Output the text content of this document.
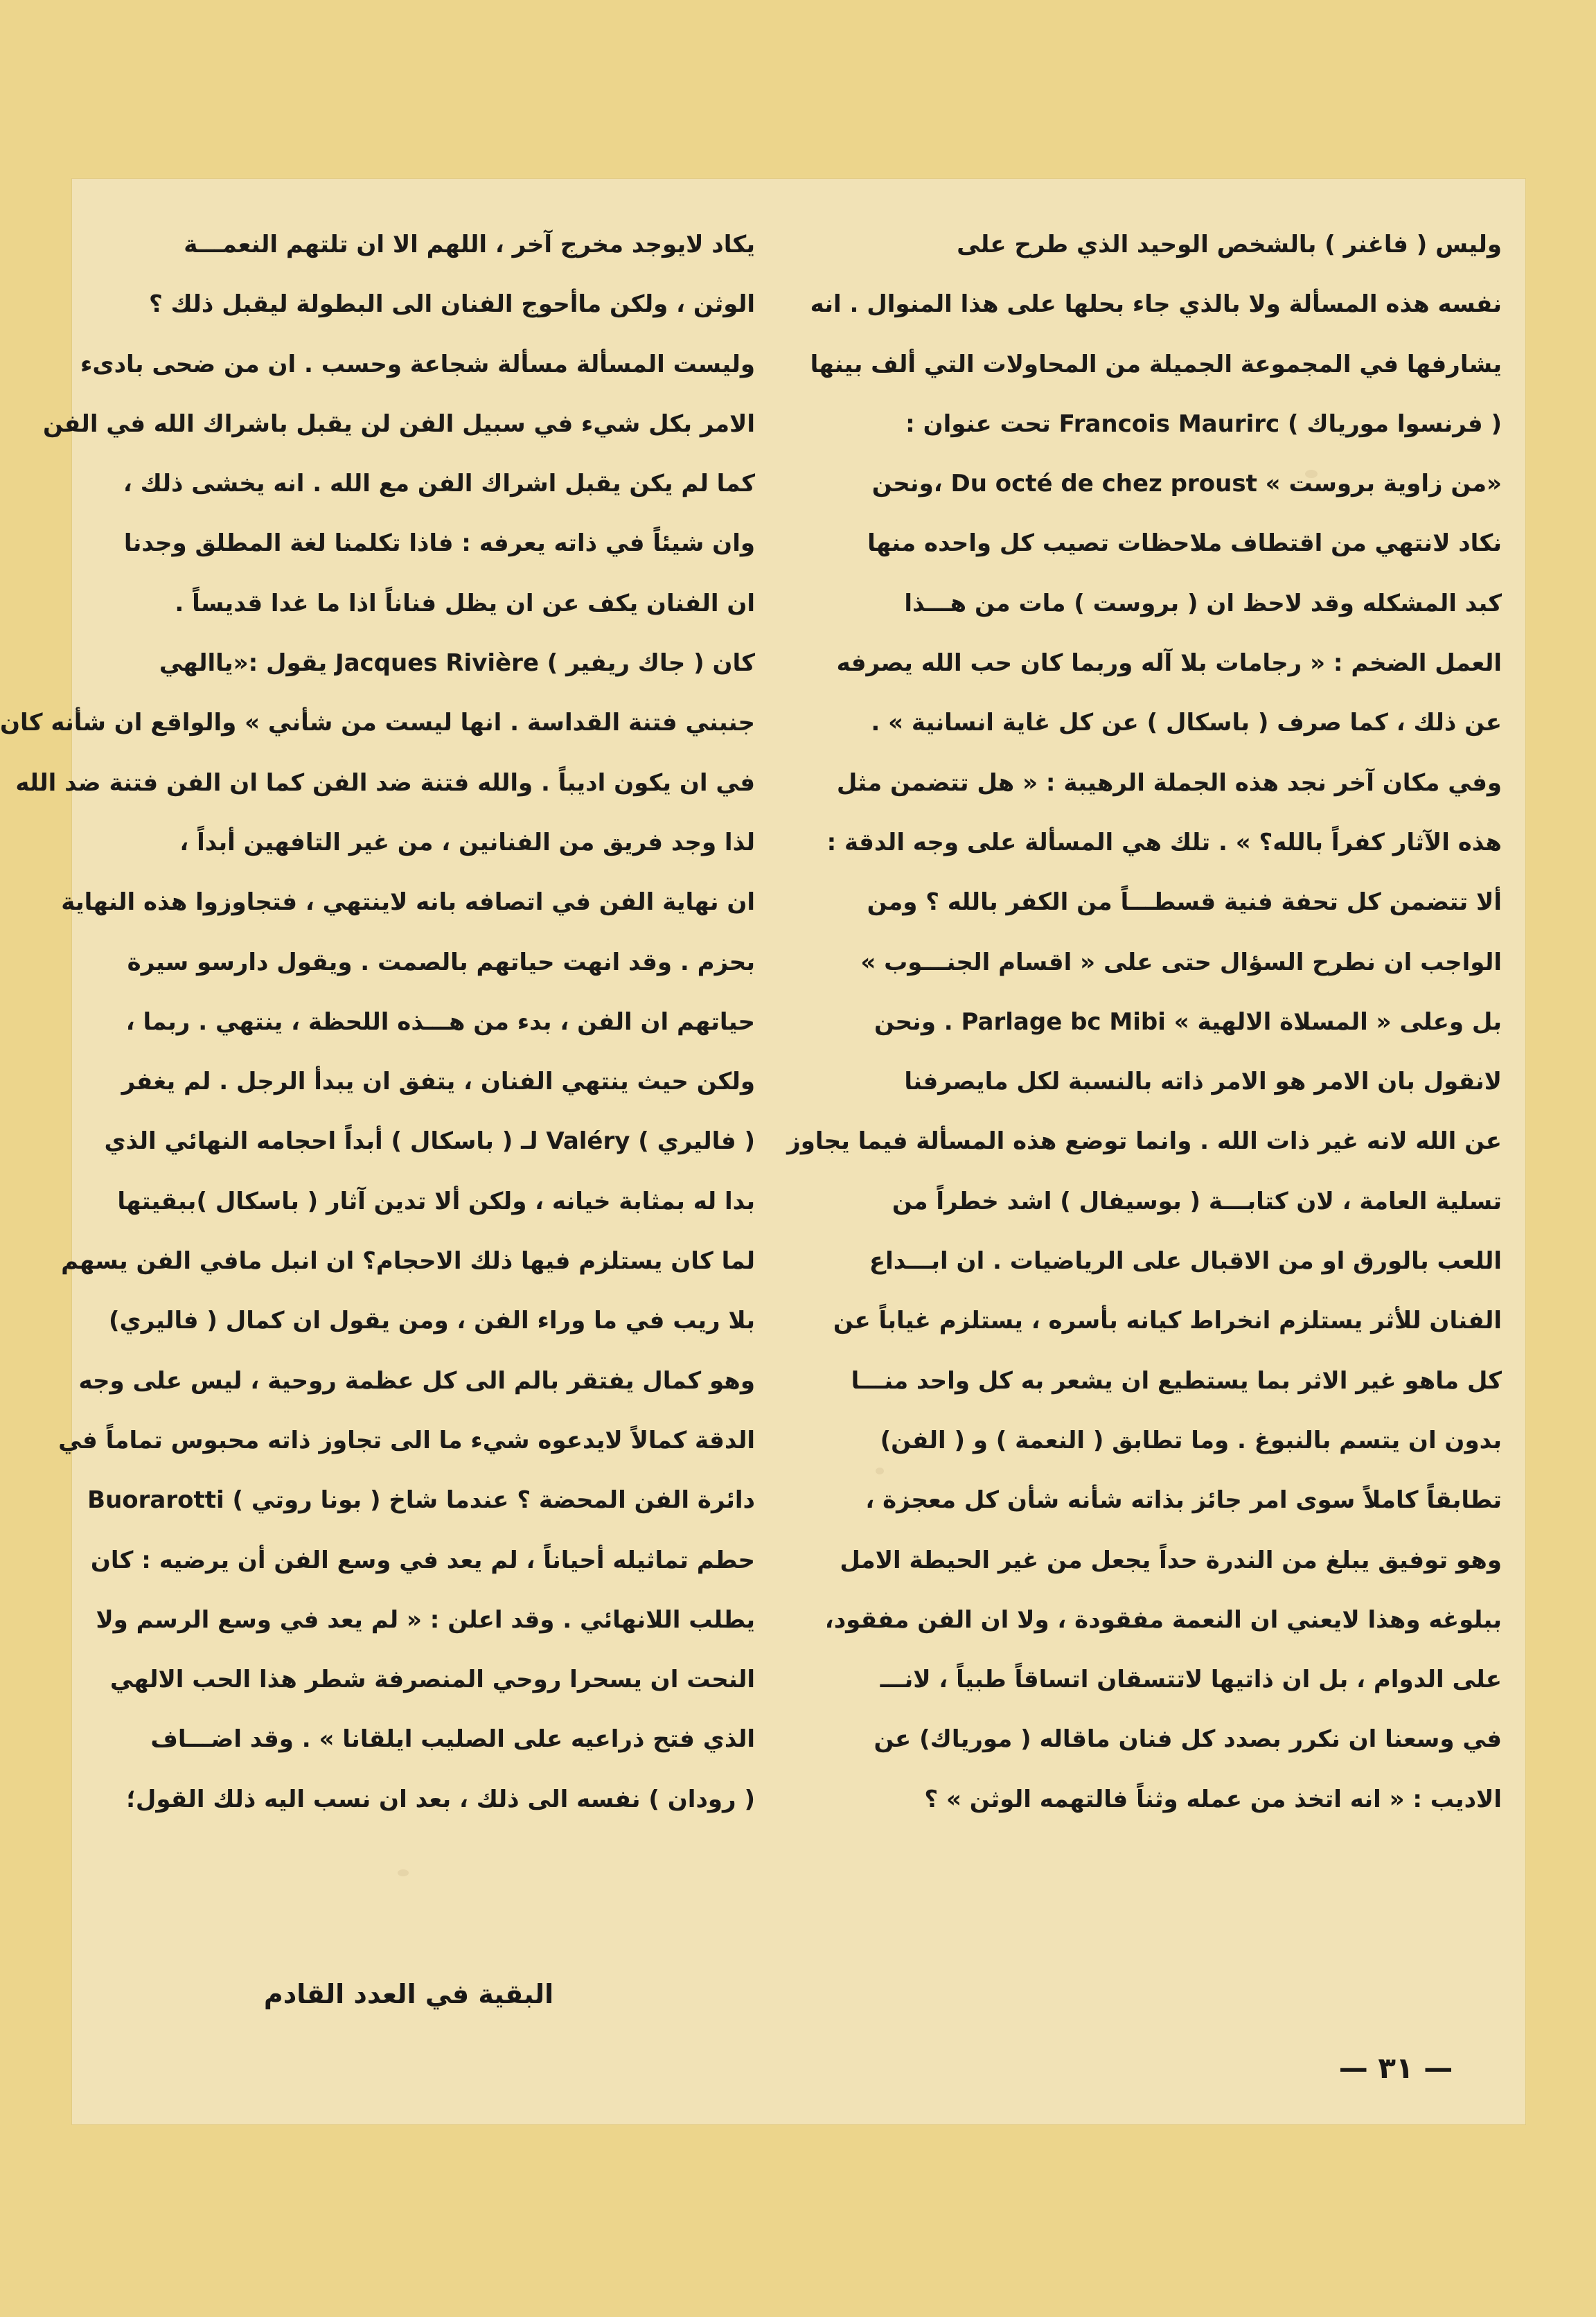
وليس ( فاغنر ) بالشخص الوحيد الذي طرح على
نفسه هذه المسألة ولا بالذي جاء بحلها على هذا المنوال . انه
يشارفها في المجموعة الجميلة من المحاولات التي ألف بينها
( فرنسوا موریاك ) Francois Maurirc تحت عنوان :
«من زاوية بروست » Du octé de chez proust ،ونحن
نكاد لانتهي من اقتطاف ملاحظات تصيب كل واحده منها
كبد المشكله وقد لاحظ ان ( بروست ) مات من هـــذا
العمل الضخم : « رجامات بلا آله وربما كان حب الله يصرفه
عن ذلك ، كما صرف ( باسكال ) عن كل غاية انسانية » .
وفي مكان آخر نجد هذه الجملة الرهيبة : « هل تتضمن مثل
هذه الآثار كفراً بالله؟ » . تلك هي المسألة على وجه الدقة :
ألا تتضمن كل تحفة فنية قسطـــاً من الكفر بالله ؟ ومن
الواجب ان نطرح السؤال حتى على « اقسام الجنـــوب »
بل وعلى « المسلاة الالهية » Parlage bc Mibi . ونحن
لانقول بان الامر هو الامر ذاته بالنسبة لكل مايصرفنا
عن الله لانه غير ذات الله . وانما توضع هذه المسألة فيما يجاوز
تسلية العامة ، لان كتابـــة ( بوسيفال ) اشد خطراً من
اللعب بالورق او من الاقبال على الرياضيات . ان ابـــداع
الفنان للأثر يستلزم انخراط كيانه بأسره ، يستلزم غياباً عن
كل ماهو غير الاثر بما يستطيع ان يشعر به كل واحد منـــا
بدون ان يتسم بالنبوغ . وما تطابق ( النعمة ) و ( الفن)
تطابقاً كاملاً سوى امر جائز بذاته شأنه شأن كل معجزة ،
وهو توفيق يبلغ من الندرة حداً يجعل من غير الحيطة الامل
ببلوغه وهذا لايعني ان النعمة مفقودة ، ولا ان الفن مفقود،
على الدوام ، بل ان ذاتيها لاتتسقان اتساقاً طبياً ، لانـــ
في وسعنا ان نكرر بصدد كل فنان ماقاله ( موریاك) عن
الاديب : « انه اتخذ من عمله وثناً فالتهمه الوثن » ؟
يكاد لايوجد مخرج آخر ، اللهم الا ان تلتهم النعمـــة
الوثن ، ولكن ماأحوج الفنان الى البطولة ليقبل ذلك ؟
وليست المسألة مسألة شجاعة وحسب . ان من ضحى بادىء
الامر بكل شيء في سبيل الفن لن يقبل باشراك الله في الفن
كما لم يكن يقبل اشراك الفن مع الله . انه يخشى ذلك ،
وان شيئاً في ذاته يعرفه : فاذا تكلمنا لغة المطلق وجدنا
ان الفنان يكف عن ان يظل فناناً اذا ما غدا قديساً .
كان ( جاك ريفير ) Jacques Rivière يقول :«ياالهي
جنبني فتنة القداسة . انها ليست من شأني » والواقع ان شأنه كان
في ان يكون اديباً . والله فتنة ضد الفن كما ان الفن فتنة ضد الله
لذا وجد فريق من الفنانين ، من غير التافهين أبداً ،
ان نهاية الفن في اتصافه بانه لاينتهي ، فتجاوزوا هذه النهاية
بحزم . وقد انهت حياتهم بالصمت . ويقول دارسو سيرة
حياتهم ان الفن ، بدء من هـــذه اللحظة ، ينتهي . ربما ،
ولكن حيث ينتهي الفنان ، يتفق ان يبدأ الرجل . لم يغفر
( فاليري ) Valéry لـ ( باسكال ) أبداً احجامه النهائي الذي
بدا له بمثابة خيانه ، ولكن ألا تدين آثار ( باسكال )ببقيتها
لما كان يستلزم فيها ذلك الاحجام؟ ان انبل مافي الفن يسهم
بلا ريب في ما وراء الفن ، ومن يقول ان كمال ( فاليري)
وهو كمال يفتقر بالم الى كل عظمة روحية ، ليس على وجه
الدقة كمالاً لايدعوه شيء ما الى تجاوز ذاته محبوس تماماً في
دائرة الفن المحضة ؟ عندما شاخ ( بونا روتي ) Buorarotti
حطم تماثيله أحياناً ، لم يعد في وسع الفن أن يرضيه : كان
يطلب اللانهائي . وقد اعلن : « لم يعد في وسع الرسم ولا
النحت ان يسحرا روحي المنصرفة شطر هذا الحب الالهي
الذي فتح ذراعيه على الصليب ايلقانا » . وقد اضـــاف
( رودان ) نفسه الى ذلك ، بعد ان نسب اليه ذلك القول؛
البقية في العدد القادم
— ٣١ —
